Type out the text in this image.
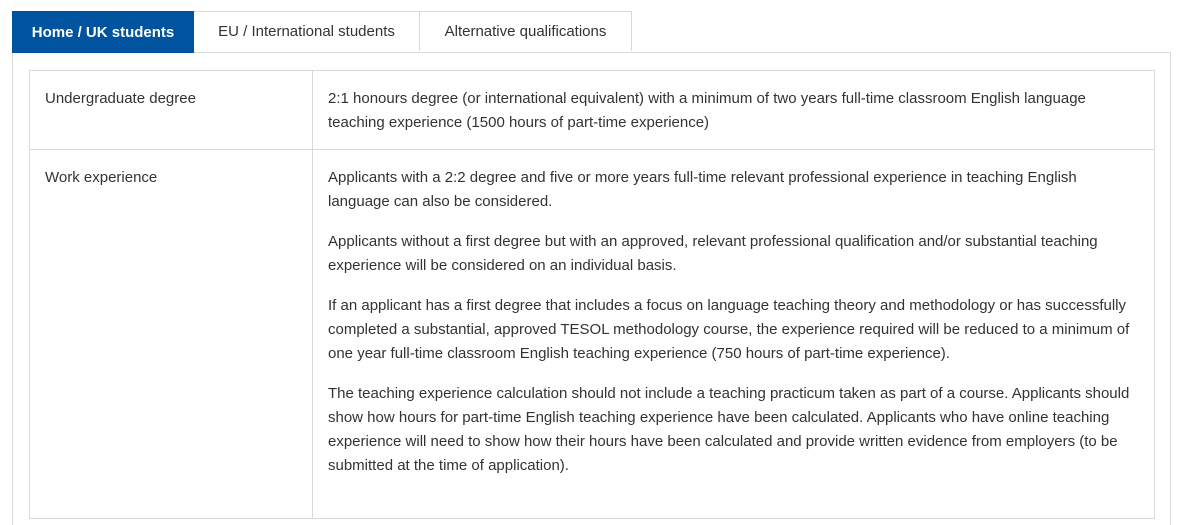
Home / UK students	EU / International students	Alternative qualifications
Undergraduate degree	2:1 honours degree (or international equivalent) with a minimum of two years full-time classroom English language teaching experience (1500 hours of part-time experience)

Work experience	Applicants with a 2:2 degree and five or more years full-time relevant professional experience in teaching English language can also be considered.

Applicants without a first degree but with an approved, relevant professional qualification and/or substantial teaching experience will be considered on an individual basis.

If an applicant has a first degree that includes a focus on language teaching theory and methodology or has successfully completed a substantial, approved TESOL methodology course, the experience required will be reduced to a minimum of one year full-time classroom English teaching experience (750 hours of part-time experience).

The teaching experience calculation should not include a teaching practicum taken as part of a course. Applicants should show how hours for part-time English teaching experience have been calculated. Applicants who have online teaching experience will need to show how their hours have been calculated and provide written evidence from employers (to be submitted at the time of application).
